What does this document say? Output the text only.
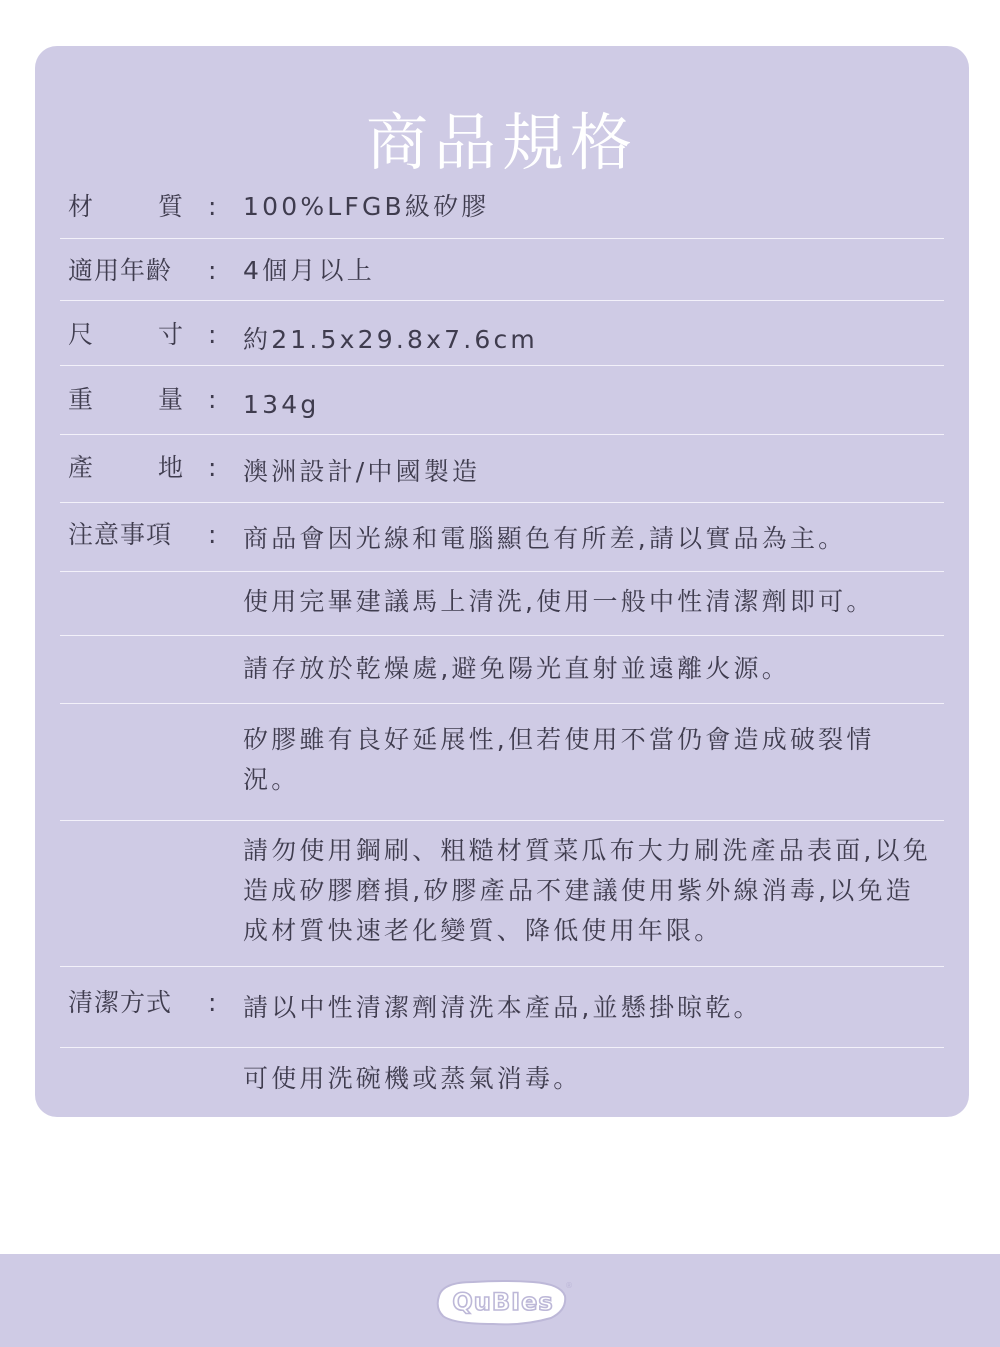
商品規格
材 質 : 100%LFGB級矽膠
適用年齡	: 4個月以上
尺 寸 : 約21.5x29.8x7.6cm
重 量 : 134g
產 地 : 澳洲設計/中國製造
注意事項	: 商品會因光線和電腦顯色有所差,請以實品為主。
使用完畢建議馬上清洗,使用一般中性清潔劑即可。
請存放於乾燥處,避免陽光直射並遠離火源。
矽膠雖有良好延展性,但若使用不當仍會造成破裂情況。
請勿使用鋼刷、粗糙材質菜瓜布大力刷洗產品表面,以免造成矽膠磨損,矽膠產品不建議使用紫外線消毒,以免造成材質快速老化變質、降低使用年限。
清潔方式	: 請以中性清潔劑清洗本產品,並懸掛晾乾。
可使用洗碗機或蒸氣消毒。
QuBIes
®
